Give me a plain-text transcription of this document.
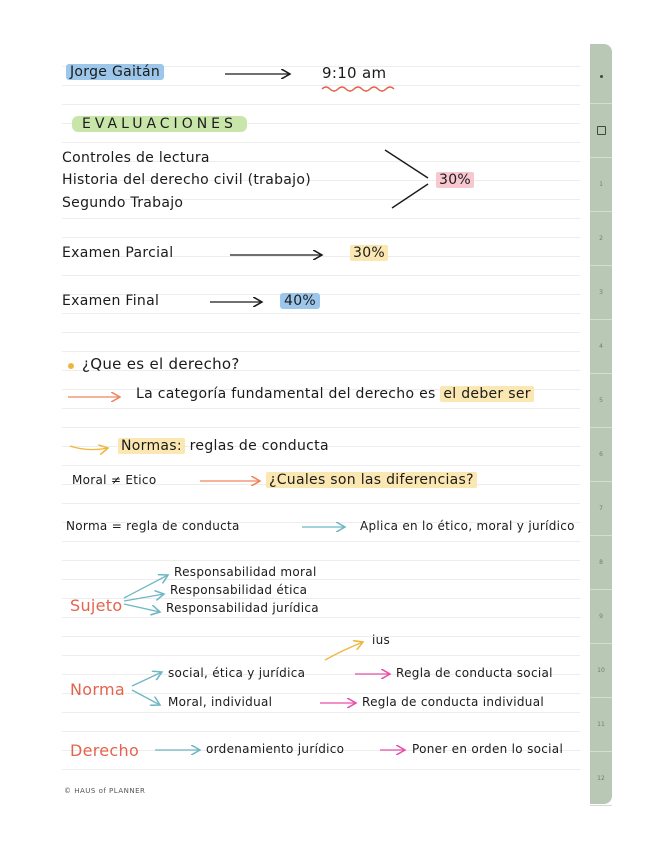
1
2
3
4
5
6
7
8
9
10
11
12
Jorge Gaitán	9:10 am
EVALUACIONES
Controles de lectura
Historia del derecho civil (trabajo)
Segundo Trabajo
30%
Examen Parcial	30%
Examen Final	40%
¿Que es el derecho?
La categoría fundamental del derecho es el deber ser
Normas: reglas de conducta
Moral ≠ Etico	¿Cuales son las diferencias?
Norma = regla de conducta	Aplica en lo ético, moral y jurídico
Sujeto
Responsabilidad moral
Responsabilidad ética
Responsabilidad jurídica
ius
Norma
social, ética y jurídica	Regla de conducta social
Moral, individual	Regla de conducta individual
Derecho	ordenamiento jurídico	Poner en orden lo social
© HAUS of PLANNER
